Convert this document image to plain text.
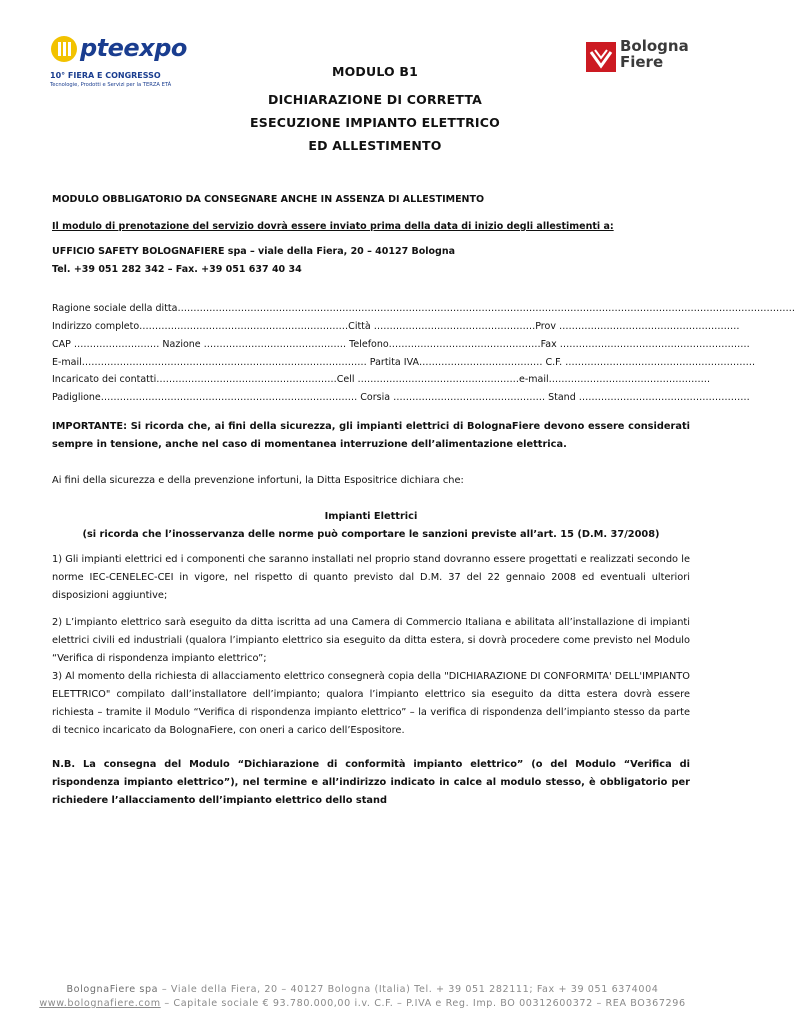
pteexpo
10° FIERA E CONGRESSO
Tecnologie, Prodotti e Servizi per la TERZA ETÀ
Bologna
Fiere
MODULO B1
DICHIARAZIONE DI CORRETTA
ESECUZIONE IMPIANTO ELETTRICO
ED ALLESTIMENTO
MODULO OBBLIGATORIO DA CONSEGNARE ANCHE IN ASSENZA DI ALLESTIMENTO
Il modulo di prenotazione del servizio dovrà essere inviato prima della data di inizio degli allestimenti a:
UFFICIO SAFETY BOLOGNAFIERE spa – viale della Fiera, 20 – 40127 Bologna
Tel. +39 051 282 342 – Fax. +39 051 637 40 34
Ragione sociale della ditta……………………………………………………………………………………………………………………………………………………………………………
Indirizzo completo…………………………………………………………Città ……………………………………………Prov …………………………………………………
CAP ……………………… Nazione ……………………………………… Telefono…………………………………………Fax ……………………………………………………
E-mail……………………………………………………………………………… Partita IVA………………………………… C.F. ……………………………………………………
Incaricato dei contatti…………………………………………………Cell ……………………………………………e-mail……………………………………………
Padiglione……………………………………………………………………… Corsia ………………………………………… Stand ………………………………………………
IMPORTANTE: Si ricorda che, ai fini della sicurezza, gli impianti elettrici di BolognaFiere devono essere considerati sempre in tensione, anche nel caso di momentanea interruzione dell’alimentazione elettrica.
Ai fini della sicurezza e della prevenzione infortuni, la Ditta Espositrice dichiara che:
Impianti Elettrici
(si ricorda che l’inosservanza delle norme può comportare le sanzioni previste all’art. 15 (D.M. 37/2008)
1) Gli impianti elettrici ed i componenti che saranno installati nel proprio stand dovranno essere progettati e realizzati secondo le norme IEC-CENELEC-CEI in vigore, nel rispetto di quanto previsto dal D.M. 37 del 22 gennaio 2008 ed eventuali ulteriori disposizioni aggiuntive;
2) L’impianto elettrico sarà eseguito da ditta iscritta ad una Camera di Commercio Italiana e abilitata all’installazione di impianti elettrici civili ed industriali (qualora l’impianto elettrico sia eseguito da ditta estera, si dovrà procedere come previsto nel Modulo “Verifica di rispondenza impianto elettrico”;
3) Al momento della richiesta di allacciamento elettrico consegnerà copia della "DICHIARAZIONE DI CONFORMITA' DELL'IMPIANTO ELETTRICO" compilato dall’installatore dell’impianto; qualora l’impianto elettrico sia eseguito da ditta estera dovrà essere richiesta – tramite il Modulo “Verifica di rispondenza impianto elettrico” – la verifica di rispondenza dell’impianto stesso da parte di tecnico incaricato da BolognaFiere, con oneri a carico dell’Espositore.
N.B. La consegna del Modulo “Dichiarazione di conformità impianto elettrico” (o del Modulo “Verifica di rispondenza impianto elettrico”), nel termine e all’indirizzo indicato in calce al modulo stesso, è obbligatorio per richiedere l’allacciamento dell’impianto elettrico dello stand
BolognaFiere spa – Viale della Fiera, 20 – 40127 Bologna (Italia) Tel. + 39 051 282111; Fax + 39 051 6374004
www.bolognafiere.com – Capitale sociale € 93.780.000,00 i.v. C.F. – P.IVA e Reg. Imp. BO 00312600372 – REA BO367296
